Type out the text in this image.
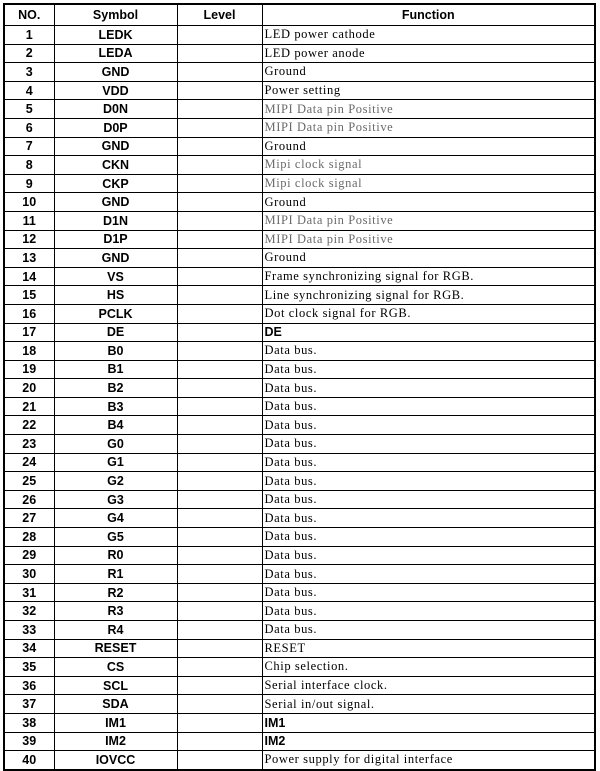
NO.	Symbol	Level	Function
1	LEDK		LED power cathode
2	LEDA		LED power anode
3	GND		Ground
4	VDD		Power setting
5	D0N		MIPI Data pin Positive
6	D0P		MIPI Data pin Positive
7	GND		Ground
8	CKN		Mipi clock signal
9	CKP		Mipi clock signal
10	GND		Ground
11	D1N		MIPI Data pin Positive
12	D1P		MIPI Data pin Positive
13	GND		Ground
14	VS		Frame synchronizing signal for RGB.
15	HS		Line synchronizing signal for RGB.
16	PCLK		Dot clock signal for RGB.
17	DE		DE
18	B0		Data bus.
19	B1		Data bus.
20	B2		Data bus.
21	B3		Data bus.
22	B4		Data bus.
23	G0		Data bus.
24	G1		Data bus.
25	G2		Data bus.
26	G3		Data bus.
27	G4		Data bus.
28	G5		Data bus.
29	R0		Data bus.
30	R1		Data bus.
31	R2		Data bus.
32	R3		Data bus.
33	R4		Data bus.
34	RESET		RESET
35	CS		Chip selection.
36	SCL		Serial interface clock.
37	SDA		Serial in/out signal.
38	IM1		IM1
39	IM2		IM2
40	IOVCC		Power supply for digital interface
